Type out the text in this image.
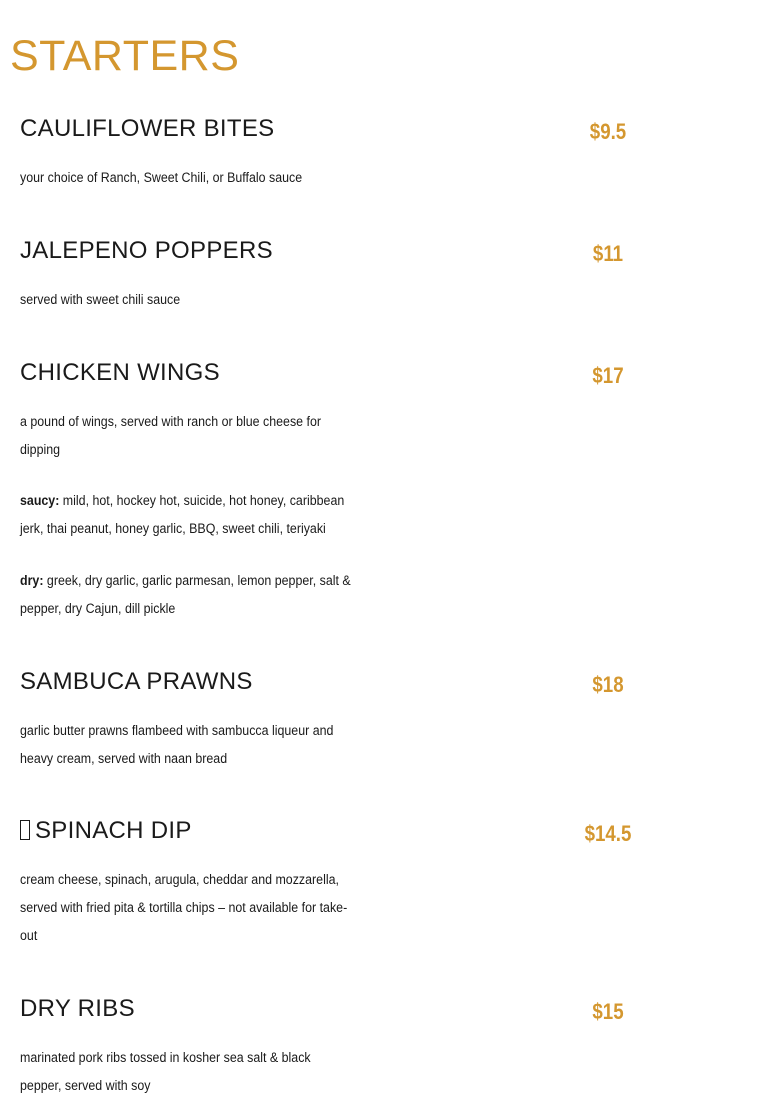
STARTERS
CAULIFLOWER BITES	$9.5

your choice of Ranch, Sweet Chili, or Buffalo sauce

JALEPENO POPPERS	$11

served with sweet chili sauce

CHICKEN WINGS	$17

a pound of wings, served with ranch or blue cheese for dipping

saucy: mild, hot, hockey hot, suicide, hot honey, caribbean jerk, thai peanut, honey garlic, BBQ, sweet chili, teriyaki

dry: greek, dry garlic, garlic parmesan, lemon pepper, salt & pepper, dry Cajun, dill pickle

SAMBUCA PRAWNS	$18

garlic butter prawns flambeed with sambucca liqueur and heavy cream, served with naan bread

SPINACH DIP	$14.5

cream cheese, spinach, arugula, cheddar and mozzarella, served with fried pita & tortilla chips – not available for take-out

DRY RIBS	$15

marinated pork ribs tossed in kosher sea salt & black pepper, served with soy
